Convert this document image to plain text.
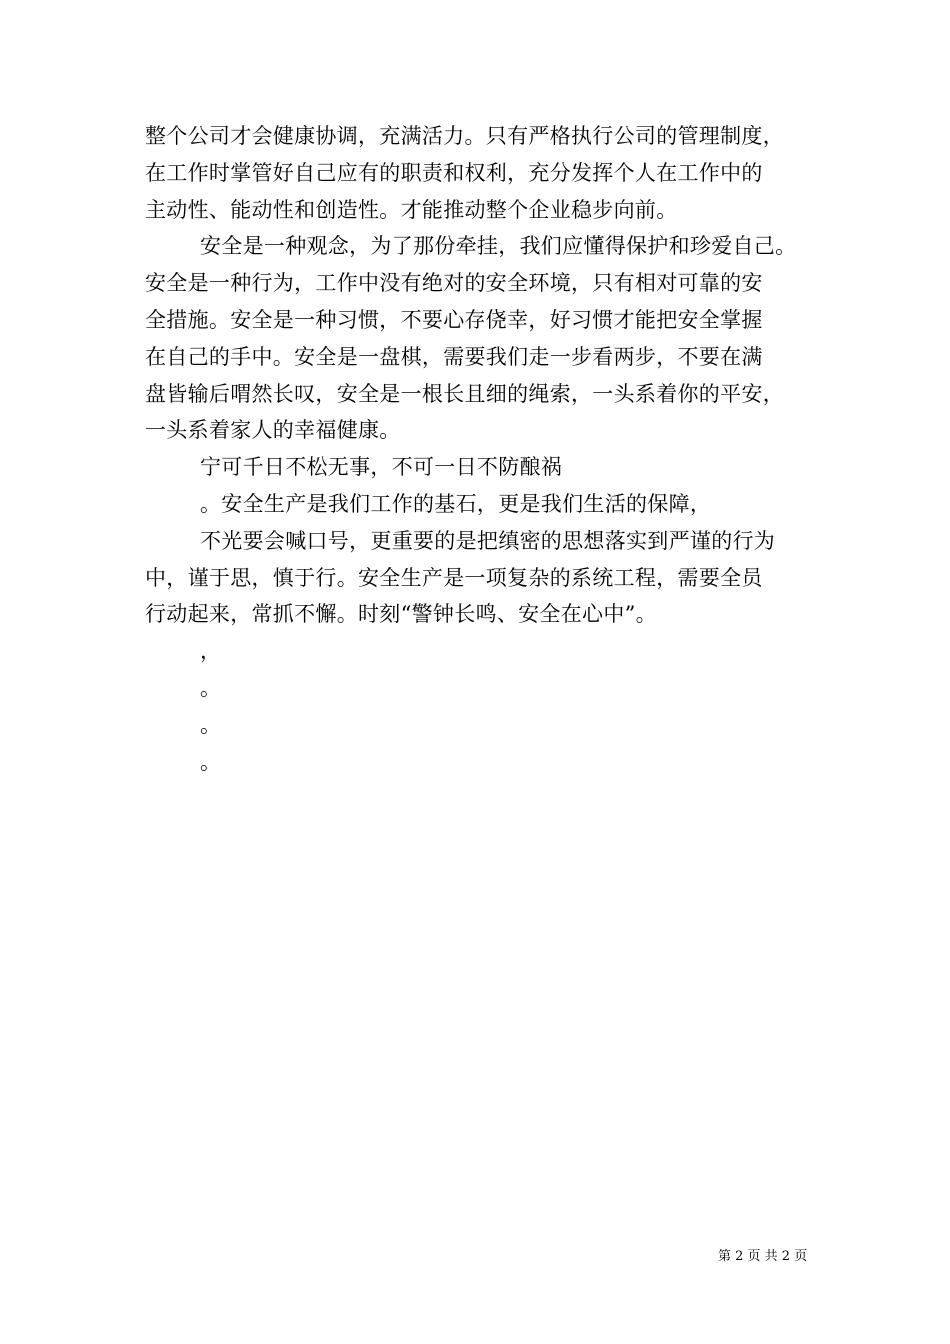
整个公司才会健康协调，充满活力。只有严格执行公司的管理制度，
在工作时掌管好自己应有的职责和权利，充分发挥个人在工作中的
主动性、能动性和创造性。才能推动整个企业稳步向前。
安全是一种观念，为了那份牵挂，我们应懂得保护和珍爱自己。
安全是一种行为，工作中没有绝对的安全环境，只有相对可靠的安
全措施。安全是一种习惯，不要心存侥幸，好习惯才能把安全掌握
在自己的手中。安全是一盘棋，需要我们走一步看两步，不要在满
盘皆输后喟然长叹，安全是一根长且细的绳索，一头系着你的平安，
一头系着家人的幸福健康。
宁可千日不松无事，不可一日不防酿祸
。安全生产是我们工作的基石，更是我们生活的保障，
不光要会喊口号，更重要的是把缜密的思想落实到严谨的行为
中，谨于思，慎于行。安全生产是一项复杂的系统工程，需要全员
行动起来，常抓不懈。时刻“警钟长鸣、安全在心中”。
，
。
。
。
第 2 页 共 2 页
